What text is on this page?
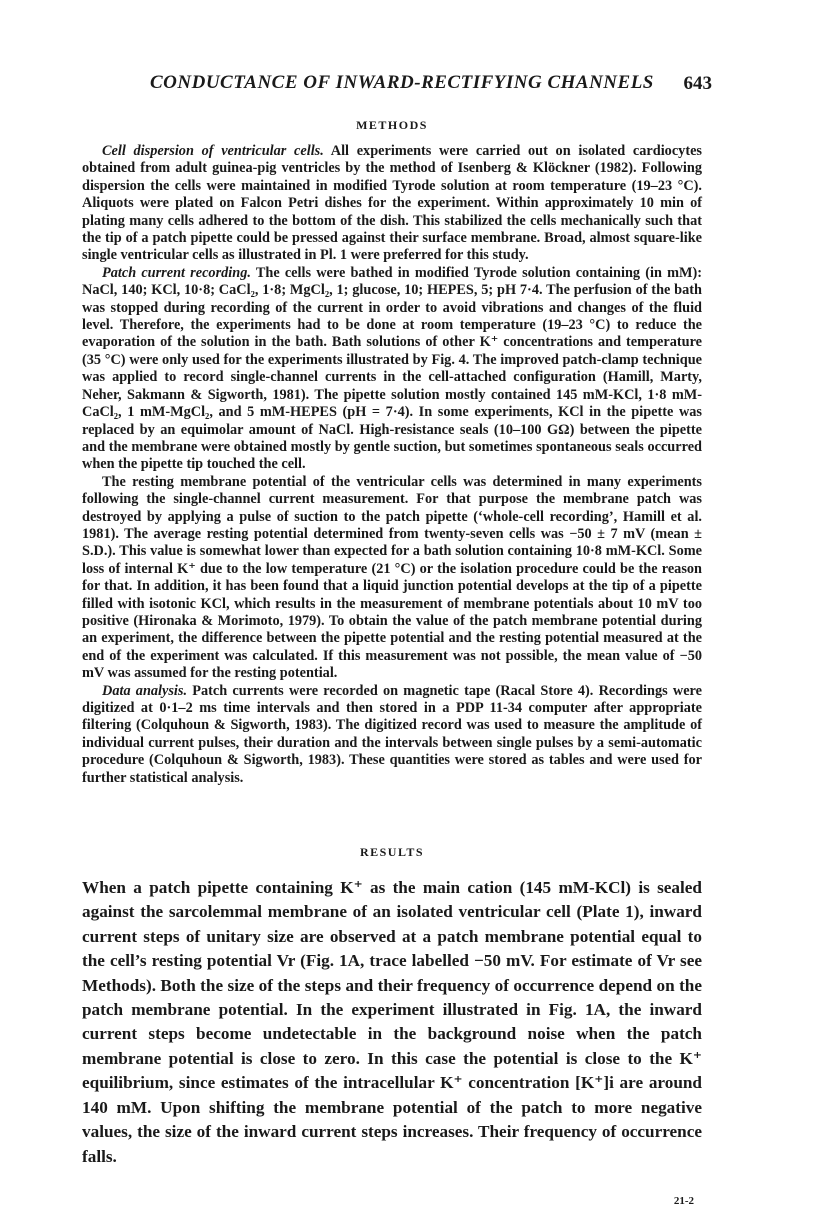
CONDUCTANCE OF INWARD-RECTIFYING CHANNELS 643
METHODS

Cell dispersion of ventricular cells. All experiments were carried out on isolated cardiocytes obtained from adult guinea-pig ventricles by the method of Isenberg & Klöckner (1982). Following dispersion the cells were maintained in modified Tyrode solution at room temperature (19–23 °C). Aliquots were plated on Falcon Petri dishes for the experiment. Within approximately 10 min of plating many cells adhered to the bottom of the dish. This stabilized the cells mechanically such that the tip of a patch pipette could be pressed against their surface membrane. Broad, almost square-like single ventricular cells as illustrated in Pl. 1 were preferred for this study.

Patch current recording. The cells were bathed in modified Tyrode solution containing (in mM): NaCl, 140; KCl, 10·8; CaCl₂, 1·8; MgCl₂, 1; glucose, 10; HEPES, 5; pH 7·4. The perfusion of the bath was stopped during recording of the current in order to avoid vibrations and changes of the fluid level. Therefore, the experiments had to be done at room temperature (19–23 °C) to reduce the evaporation of the solution in the bath. Bath solutions of other K⁺ concentrations and temperature (35 °C) were only used for the experiments illustrated by Fig. 4. The improved patch-clamp technique was applied to record single-channel currents in the cell-attached configuration (Hamill, Marty, Neher, Sakmann & Sigworth, 1981). The pipette solution mostly contained 145 mM-KCl, 1·8 mM-CaCl₂, 1 mM-MgCl₂, and 5 mM-HEPES (pH = 7·4). In some experiments, KCl in the pipette was replaced by an equimolar amount of NaCl. High-resistance seals (10–100 GΩ) between the pipette and the membrane were obtained mostly by gentle suction, but sometimes spontaneous seals occurred when the pipette tip touched the cell.

The resting membrane potential of the ventricular cells was determined in many experiments following the single-channel current measurement. For that purpose the membrane patch was destroyed by applying a pulse of suction to the patch pipette (‘whole-cell recording’, Hamill et al. 1981). The average resting potential determined from twenty-seven cells was −50 ± 7 mV (mean ± S.D.). This value is somewhat lower than expected for a bath solution containing 10·8 mM-KCl. Some loss of internal K⁺ due to the low temperature (21 °C) or the isolation procedure could be the reason for that. In addition, it has been found that a liquid junction potential develops at the tip of a pipette filled with isotonic KCl, which results in the measurement of membrane potentials about 10 mV too positive (Hironaka & Morimoto, 1979). To obtain the value of the patch membrane potential during an experiment, the difference between the pipette potential and the resting potential measured at the end of the experiment was calculated. If this measurement was not possible, the mean value of −50 mV was assumed for the resting potential.

Data analysis. Patch currents were recorded on magnetic tape (Racal Store 4). Recordings were digitized at 0·1–2 ms time intervals and then stored in a PDP 11-34 computer after appropriate filtering (Colquhoun & Sigworth, 1983). The digitized record was used to measure the amplitude of individual current pulses, their duration and the intervals between single pulses by a semi-automatic procedure (Colquhoun & Sigworth, 1983). These quantities were stored as tables and were used for further statistical analysis.

RESULTS

When a patch pipette containing K⁺ as the main cation (145 mM-KCl) is sealed against the sarcolemmal membrane of an isolated ventricular cell (Plate 1), inward current steps of unitary size are observed at a patch membrane potential equal to the cell’s resting potential Vr (Fig. 1A, trace labelled −50 mV. For estimate of Vr see Methods). Both the size of the steps and their frequency of occurrence depend on the patch membrane potential. In the experiment illustrated in Fig. 1A, the inward current steps become undetectable in the background noise when the patch membrane potential is close to zero. In this case the potential is close to the K⁺ equilibrium, since estimates of the intracellular K⁺ concentration [K⁺]i are around 140 mM. Upon shifting the membrane potential of the patch to more negative values, the size of the inward current steps increases. Their frequency of occurrence falls.

21-2
